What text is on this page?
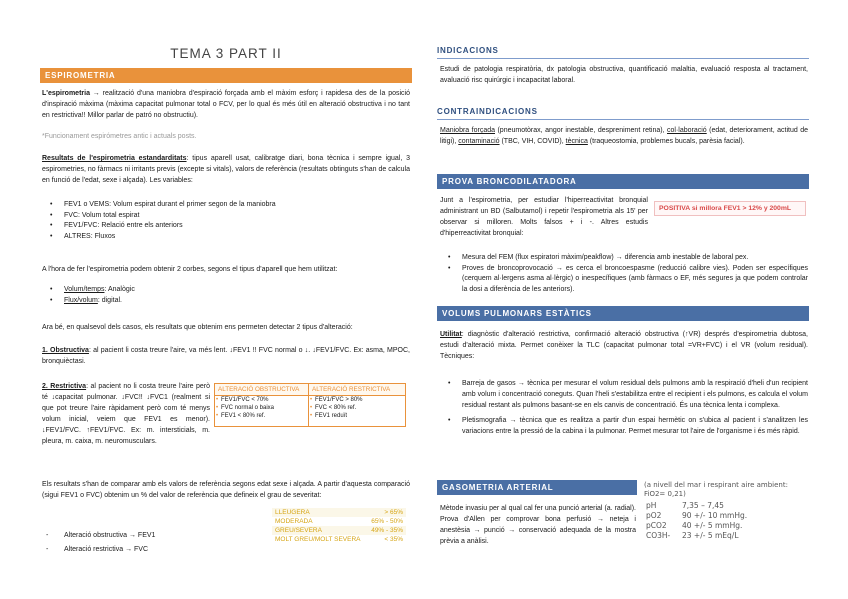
TEMA 3 PART II
ESPIROMETRIA
L'espirometria → realització d'una maniobra d'espiració forçada amb el màxim esforç i rapidesa des de la posició d'inspiració màxima (màxima capacitat pulmonar total o FCV, per lo qual és més útil en alteració obstructiva i no tant en restrictiva!! Millor parlar de patró no obstructiu).
*Funcionament espirómetres antic i actuals posts.
Resultats de l'espirometria estandarditats: tipus aparell usat, calibratge diari, bona tècnica i sempre igual, 3 espirometries, no fàrmacs ni irritants previs (excepte si vitals), valors de referència (resultats obtinguts s'han de calcula en funció de l'edat, sexe i alçada). Les variables:
• FEV1 o VEMS: Volum espirat durant el primer segon de la maniobra
• FVC: Volum total espirat
• FEV1/FVC: Relació entre els anteriors
• ALTRES: Fluxos
A l'hora de fer l'espirometria podem obtenir 2 corbes, segons el tipus d'aparell que hem utilitzat:
• Volum/temps: Analògic
• Flux/volum: digital.
Ara bé, en qualsevol dels casos, els resultats que obtenim ens permeten detectar 2 tipus d'alteració:
1. Obstructiva: al pacient li costa treure l'aire, va més lent. ↓FEV1 !! FVC normal o ↓. ↓FEV1/FVC. Ex: asma, MPOC, bronquièctasi.
2. Restrictiva: al pacient no li costa treure l'aire però té ↓capacitat pulmonar. ↓FVC!! ↓FVC1 (realment si que pot treure l'aire ràpidament però com té menys volum inicial, veiem que FEV1 es menor). ↓FEV1/FVC. ↑FEV1/FVC. Ex: m. intersticials, m. pleura, m. caixa, m. neuromusculars.
ALTERACIÓ OBSTRUCTIVA
• FEV1/FVC < 70%
• FVC normal o baixa
• FEV1 < 80% ref.
ALTERACIÓ RESTRICTIVA
• FEV1/FVC > 80%
• FVC < 80% ref.
• FEV1 reduït
Els resultats s'han de comparar amb els valors de referència segons edat sexe i alçada. A partir d'aquesta comparació (sigui FEV1 o FVC) obtenim un % del valor de referència que defineix el grau de severitat:
- Alteració obstructiva → FEV1
- Alteració restrictiva → FVC
LLEUGERA	> 65%
MODERADA	65% - 50%
GREU/SEVERA	49% - 35%
MOLT GREU/MOLT SEVERA	< 35%
INDICACIONS
Estudi de patologia respiratòria, dx patologia obstructiva, quantificació malaltia, evaluació resposta al tractament, avaluació risc quirúrgic i incapacitat laboral.
CONTRAINDICACIONS
Maniobra forçada (pneumotòrax, angor inestable, despreniment retina), col·laboració (edat, deteriorament, actitud de litigi), contaminació (TBC, VIH, COVID), tècnica (traqueostomia, problemes bucals, parèsia facial).
PROVA BRONCODILATADORA
Junt a l'espirometria, per estudiar l'hiperreactivitat bronquial administrant un BD (Salbutamol) i repetir l'espirometria als 15' per observar si milloren. Molts falsos + i -. Altres estudis d'hiperreactivitat bronquial:
POSITIVA si millora FEV1 > 12% y 200mL
• Mesura del FEM (flux espiratori màxim/peakflow) → diferencia amb inestable de laboral pex.
• Proves de broncoprovocació → es cerca el broncoespasme (reducció calibre vies). Poden ser específiques (cerquem al·lergens asma al·lèrgic) o inespecífiques (amb fàrmacs o EF, més segures ja que podem controlar la dosi a diferència de les anteriors).
VOLUMS PULMONARS ESTÀTICS
Utilitat: diagnòstic d'alteració restrictiva, confirmació alteració obstructiva (↑VR) després d'espirometria dubtosa, estudi d'alteració mixta. Permet conèixer la TLC (capacitat pulmonar total =VR+FVC) i el VR (volum residual). Tècniques:
• Barreja de gasos → tècnica per mesurar el volum residual dels pulmons amb la respiració d'heli d'un recipient amb volum i concentració coneguts. Quan l'heli s'estabilitza entre el recipient i els pulmons, es calcula el volum residual restant als pulmons basant-se en els canvis de concentració. És una tècnica lenta i complexa.
• Pletismografia → tècnica que es realitza a partir d'un espai hermètic on s'ubica al pacient i s'analitzen les variacions entre la pressió de la cabina i la pulmonar. Permet mesurar tot l'aire de l'organisme i és més ràpid.
GASOMETRIA ARTERIAL
Mètode invasiu per al qual cal fer una punció arterial (a. radial). Prova d'Allen per comprovar bona perfusió → neteja i anestèsia → punció → conservació adequada de la mostra prèvia a anàlisi.
(a nivell del mar i respirant aire ambient: FiO2= 0,21)
pH	7,35 – 7,45
pO2	90 +/- 10 mmHg.
pCO2	40 +/- 5 mmHg.
CO3H-	23 +/- 5 mEq/L
